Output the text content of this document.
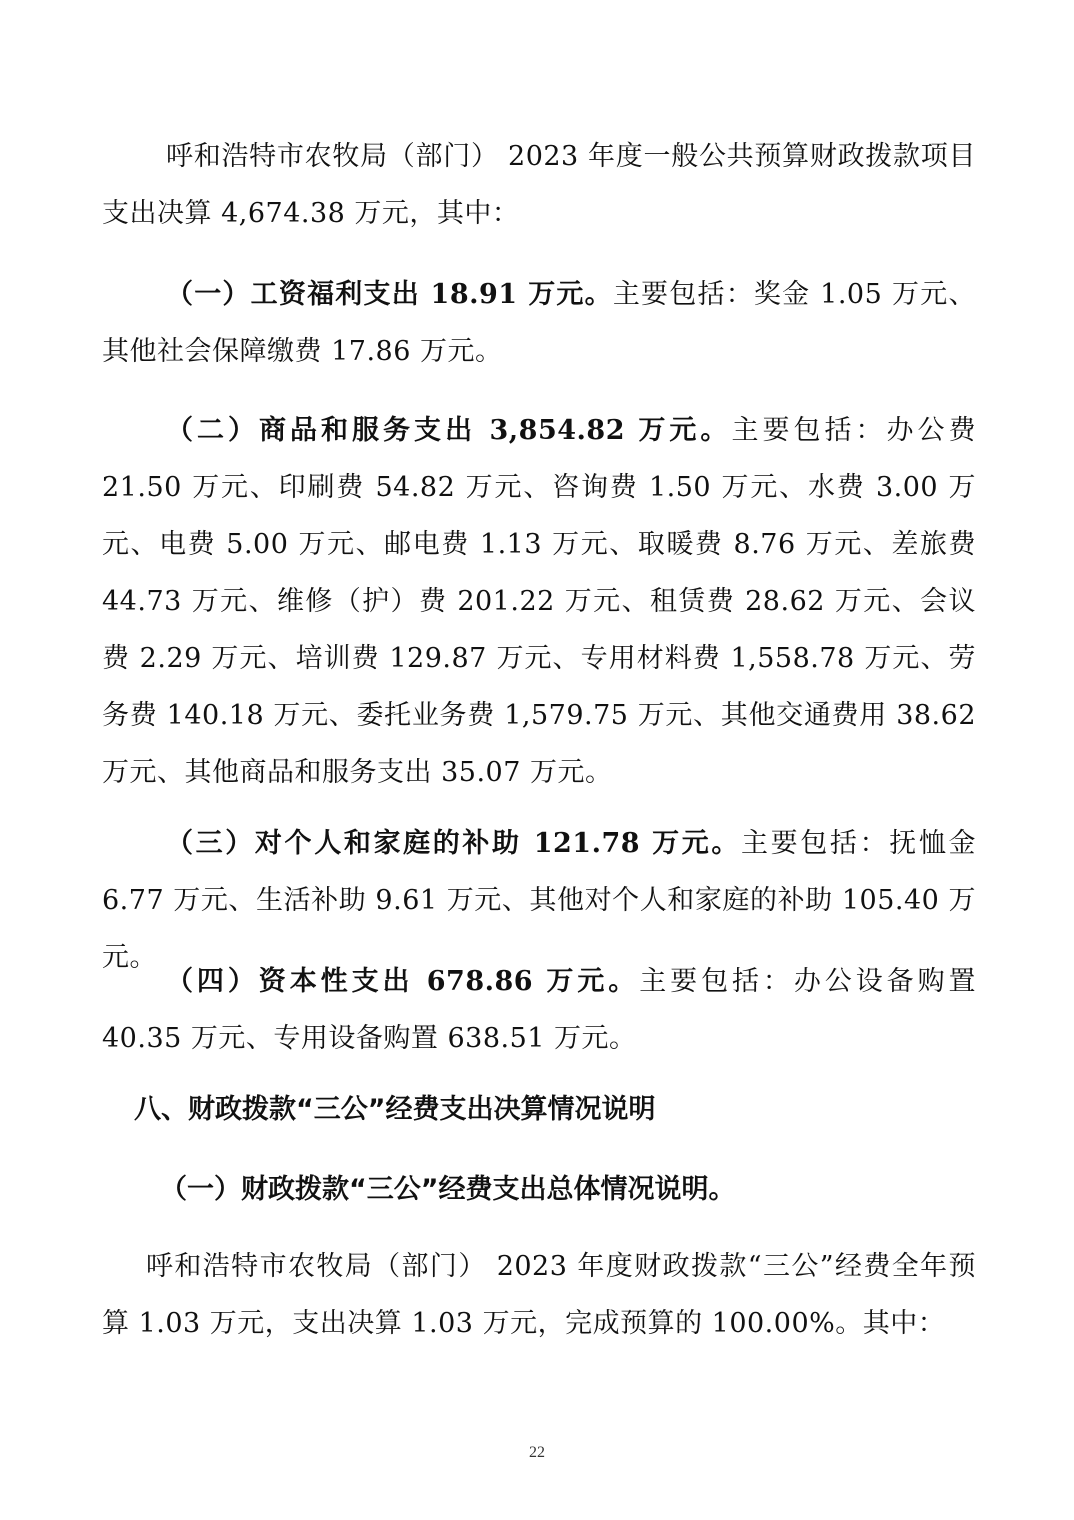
呼和浩特市农牧局（部门） 2023 年度一般公共预算财政拨款项目支出决算 4,674.38 万元，其中：

（一）工资福利支出 18.91 万元。主要包括：奖金 1.05 万元、其他社会保障缴费 17.86 万元。

（二）商品和服务支出 3,854.82 万元。主要包括：办公费 21.50 万元、印刷费 54.82 万元、咨询费 1.50 万元、水费 3.00 万元、电费 5.00 万元、邮电费 1.13 万元、取暖费 8.76 万元、差旅费 44.73 万元、维修（护）费 201.22 万元、租赁费 28.62 万元、会议费 2.29 万元、培训费 129.87 万元、专用材料费 1,558.78 万元、劳务费 140.18 万元、委托业务费 1,579.75 万元、其他交通费用 38.62 万元、其他商品和服务支出 35.07 万元。

（三）对个人和家庭的补助 121.78 万元。主要包括：抚恤金 6.77 万元、生活补助 9.61 万元、其他对个人和家庭的补助 105.40 万元。

（四）资本性支出 678.86 万元。主要包括：办公设备购置 40.35 万元、专用设备购置 638.51 万元。

八、财政拨款“三公”经费支出决算情况说明
（一）财政拨款“三公”经费支出总体情况说明。

呼和浩特市农牧局（部门） 2023 年度财政拨款“三公”经费全年预算 1.03 万元，支出决算 1.03 万元，完成预算的 100.00%。其中：

22
